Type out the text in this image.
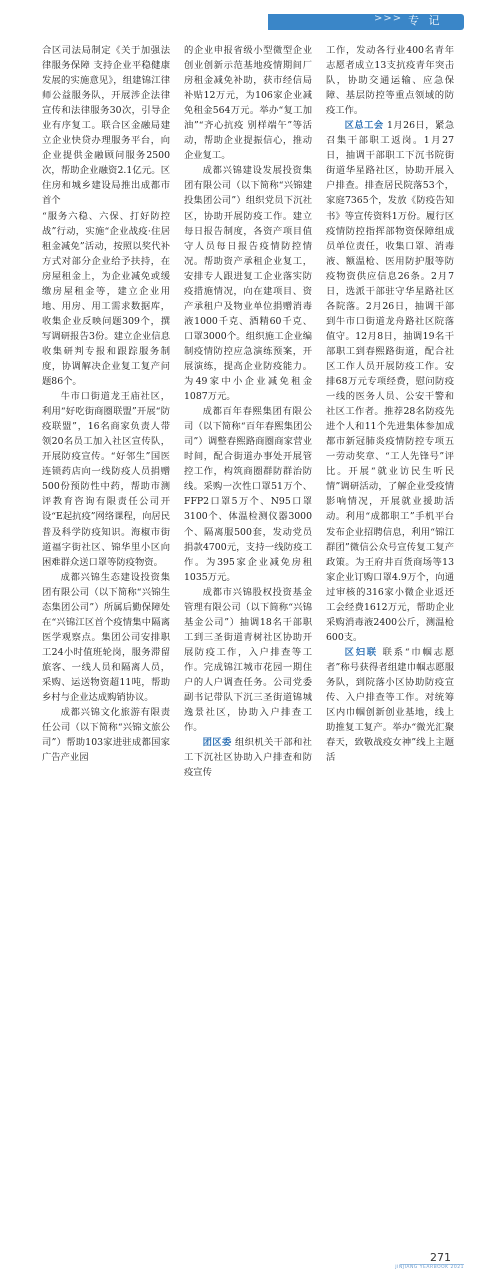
>>> 专 记

合区司法局制定《关于加强法律服务保障 支持企业平稳健康发展的实施意见》，组建锦江律师公益服务队，开展涉企法律宣传和法律服务30次，引导企业有序复工。联合区金融局建立企业快贷办理服务平台，向企业提供金融顾问服务2500次，帮助企业融资2.1亿元。区住房和城乡建设局推出成都市首个

“服务六稳、六保、打好防控战”行动，实施“企业战疫·住居租金减免”活动，按照以奖代补方式对部分企业给予扶持，在房屋租金上，为企业减免或缓缴房屋租金等，建立企业用地、用房、用工需求数据库，收集企业反映问题309个，撰写调研报告3份。建立企业信息收集研判专报和跟踪服务制度，协调解决企业复工复产问题86个。

牛市口街道龙王庙社区，利用“好吃街商圈联盟”开展“防疫联盟”，16名商家负责人带领20名员工加入社区宣传队，开展防疫宣传。“好邻生”国医连锁药店向一线防疫人员捐赠500份预防性中药，帮助市测评教育咨询有限责任公司开设“E起抗疫”网络课程，向居民普及科学防疫知识。海椒市街道福字街社区、锦华里小区向困难群众送口罩等防疫物资。

成都兴锦生态建设投资集团有限公司（以下简称“兴锦生态集团公司”）所属后勤保障处在“兴锦江区首个疫情集中隔离医学观察点。集团公司安排职工24小时值班轮岗，服务滞留旅客、一线人员和隔离人员，采购、运送物资超11吨，帮助乡村与企业达成购销协议。

成都兴锦文化旅游有限责任公司（以下简称“兴锦文旅公司”）帮助103家进驻成都国家广告产业园

的企业申报省级小型微型企业创业创新示范基地疫情期间厂房租金减免补助，获市经信局补贴12万元，为106家企业减免租金564万元。举办“复工加油”“齐心抗疫 别样端午”等活动，帮助企业提振信心，推动企业复工。

成都兴锦建设发展投资集团有限公司（以下简称“兴锦建投集团公司”）组织党员下沉社区，协助开展防疫工作。建立每日报告制度，各资产项目值守人员每日报告疫情防控情况。帮助资产承租企业复工，安排专人跟进复工企业落实防疫措施情况，向在建项目、资产承租户及物业单位捐赠消毒液1000千克、酒精60千克、口罩3000个。组织施工企业编制疫情防控应急演练预案，开展演练，提高企业防疫能力。为49家中小企业减免租金1087万元。

成都百年春熙集团有限公司（以下简称“百年春熙集团公司”）调整春熙路商圈商家营业时间，配合街道办事处开展管控工作，构筑商圈群防群治防线。采购一次性口罩51万个、FFP2口罩5万个、N95口罩3100个、体温检测仪器3000个、隔离服500套，发动党员捐款4700元，支持一线防疫工作。为395家企业减免房租1035万元。

成都市兴锦股权投资基金管理有限公司（以下简称“兴锦基金公司”）抽调18名干部职工到三圣街道青树社区协助开展防疫工作，入户排查等工作。完成锦江城市花园一期住户的人户调查任务。公司党委副书记带队下沉三圣街道锦城逸景社区，协助入户排查工作。

团区委 组织机关干部和社工下沉社区协助入户排查和防疫宣传

工作，发动各行业400名青年志愿者成立13支抗疫青年突击队，协助交通运输、应急保障、基层防控等重点领域的防疫工作。

区总工会 1月26日，紧急召集干部职工返岗。1月27日，抽调干部职工下沉书院街街道华星路社区，协助开展入户排查。排查居民院落53个，家庭7365个，发放《防疫告知书》等宣传资料1万份。履行区疫情防控指挥部物资保障组成员单位责任，收集口罩、消毒液、额温枪、医用防护服等防疫物资供应信息26条。2月7日，选派干部驻守华星路社区各院落。2月26日，抽调干部到牛市口街道龙舟路社区院落值守。12月8日，抽调19名干部职工到春熙路街道，配合社区工作人员开展防疫工作。安排68万元专项经费，慰问防疫一线的医务人员、公安干警和社区工作者。推荐28名防疫先进个人和11个先进集体参加成都市新冠肺炎疫情防控专项五一劳动奖章、“工人先锋号”评比。开展“就业访民生听民情”调研活动，了解企业受疫情影响情况，开展就业援助活动。利用“成都职工”手机平台发布企业招聘信息，利用“锦江群团”微信公众号宣传复工复产政策。为王府井百货商场等13家企业订购口罩4.9万个，向通过审核的316家小微企业返还工会经费1612万元，帮助企业采购消毒液2400公斤，测温枪600支。

区妇联 联系“巾帼志愿者”称号获得者组建巾帼志愿服务队，到院落小区协助防疫宣传、入户排查等工作。对统筹区内巾帼创新创业基地，线上助推复工复产。举办“微光汇聚春天，致敬战疫女神”线上主题活

271
JINJIANG YEARBOOK 2021
